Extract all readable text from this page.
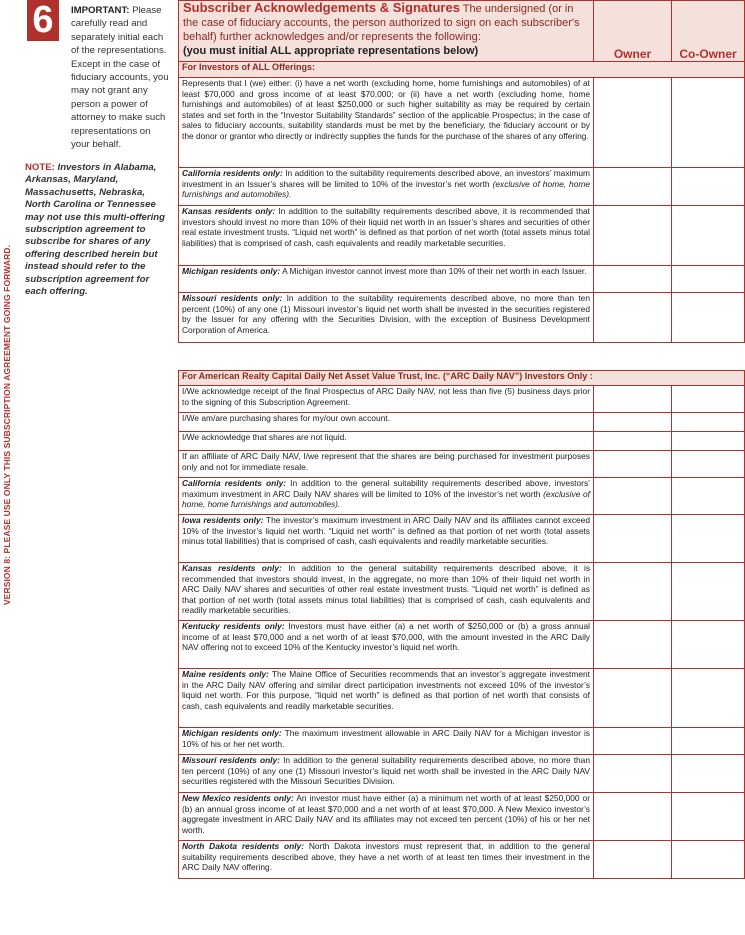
VERSION 8: PLEASE USE ONLY THIS SUBSCRIPTION AGREEMENT GOING FORWARD.
6	IMPORTANT: Please carefully read and separately initial each of the representations. Except in the case of fiduciary accounts, you may not grant any person a power of attorney to make such representations on your behalf.
NOTE: Investors in Alabama, Arkansas, Maryland, Massachusetts, Nebraska, North Carolina or Tennessee may not use this multi-offering subscription agreement to subscribe for shares of any offering described herein but instead should refer to the subscription agreement for each offering.
Subscriber Acknowledgements & Signatures The undersigned (or in the case of fiduciary accounts, the person authorized to sign on each subscriber's behalf) further acknowledges and/or represents the following:
(you must initial ALL appropriate representations below)	Owner	Co-Owner
For Investors of ALL Offerings:		
Represents that I (we) either: (i) have a net worth (excluding home, home furnishings and automobiles) of at least $70,000 and gross income of at least $70,000; or (ii) have a net worth (excluding home, home furnishings and automobiles) of at least $250,000 or such higher suitability as may be required by certain states and set forth in the “Investor Suitability Standards” section of the applicable Prospectus; in the case of sales to fiduciary accounts, suitability standards must be met by the beneficiary, the fiduciary account or by the donor or grantor who directly or indirectly supplies the funds for the purchase of the shares of any offering.		
California residents only: In addition to the suitability requirements described above, an investors’ maximum investment in an Issuer’s shares will be limited to 10% of the investor’s net worth (exclusive of home, home furnishings and automobiles).		
Kansas residents only: In addition to the suitability requirements described above, it is recommended that investors should invest no more than 10% of their liquid net worth in an Issuer’s shares and securities of other real estate investment trusts. “Liquid net worth” is defined as that portion of net worth (total assets minus total liabilities) that is comprised of cash, cash equivalents and readily marketable securities.		
Michigan residents only: A Michigan investor cannot invest more than 10% of their net worth in each Issuer.		
Missouri residents only: In addition to the suitability requirements described above, no more than ten percent (10%) of any one (1) Missouri investor’s liquid net worth shall be invested in the securities registered by the Issuer for any offering with the Securities Division, with the exception of Business Development Corporation of America.		
For American Realty Capital Daily Net Asset Value Trust, Inc. (“ARC Daily NAV”) Investors Only :		
I/We acknowledge receipt of the final Prospectus of ARC Daily NAV, not less than five (5) business days prior to the signing of this Subscription Agreement.		
I/We am/are purchasing shares for my/our own account.		
I/We acknowledge that shares are not liquid.		
If an affiliate of ARC Daily NAV, I/we represent that the shares are being purchased for investment purposes only and not for immediate resale.		
California residents only: In addition to the general suitability requirements described above, investors’ maximum investment in ARC Daily NAV shares will be limited to 10% of the investor’s net worth (exclusive of home, home furnishings and automobiles).		
Iowa residents only: The investor’s maximum investment in ARC Daily NAV and its affiliates cannot exceed 10% of the investor’s liquid net worth. “Liquid net worth” is defined as that portion of net worth (total assets minus total liabilities) that is comprised of cash, cash equivalents and readily marketable securities.		
Kansas residents only: In addition to the general suitability requirements described above, it is recommended that investors should invest, in the aggregate, no more than 10% of their liquid net worth in ARC Daily NAV shares and securities of other real estate investment trusts. “Liquid net worth” is defined as that portion of net worth (total assets minus total liabilities) that is comprised of cash, cash equivalents and readily marketable securities.		
Kentucky residents only: Investors must have either (a) a net worth of $250,000 or (b) a gross annual income of at least $70,000 and a net worth of at least $70,000, with the amount invested in the ARC Daily NAV offering not to exceed 10% of the Kentucky investor’s liquid net worth.		
Maine residents only: The Maine Office of Securities recommends that an investor’s aggregate investment in the ARC Daily NAV offering and similar direct participation investments not exceed 10% of the investor’s liquid net worth. For this purpose, “liquid net worth” is defined as that portion of net worth that consists of cash, cash equivalents and readily marketable securities.		
Michigan residents only: The maximum investment allowable in ARC Daily NAV for a Michigan investor is 10% of his or her net worth.		
Missouri residents only: In addition to the general suitability requirements described above, no more than ten percent (10%) of any one (1) Missouri investor’s liquid net worth shall be invested in the ARC Daily NAV securities registered with the Missouri Securities Division.		
New Mexico residents only: An investor must have either (a) a minimum net worth of at least $250,000 or (b) an annual gross income of at least $70,000 and a net worth of at least $70,000. A New Mexico investor’s aggregate investment in ARC Daily NAV and its affiliates may not exceed ten percent (10%) of his or her net worth.		
North Dakota residents only: North Dakota investors must represent that, in addition to the general suitability requirements described above, they have a net worth of at least ten times their investment in the ARC Daily NAV offering.		
